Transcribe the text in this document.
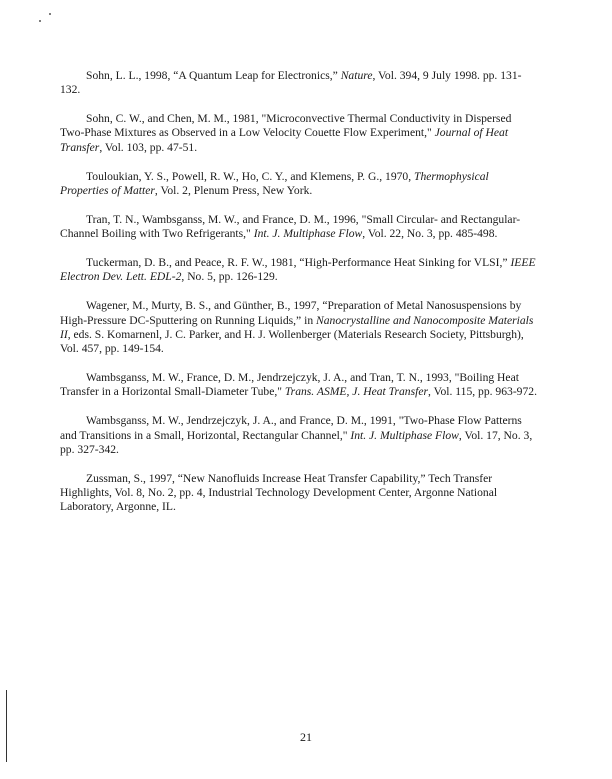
Sohn, L. L., 1998, “A Quantum Leap for Electronics,” Nature, Vol. 394, 9 July 1998. pp. 131-132.

Sohn, C. W., and Chen, M. M., 1981, "Microconvective Thermal Conductivity in Dispersed Two-Phase Mixtures as Observed in a Low Velocity Couette Flow Experiment," Journal of Heat Transfer, Vol. 103, pp. 47-51.

Touloukian, Y. S., Powell, R. W., Ho, C. Y., and Klemens, P. G., 1970, Thermophysical Properties of Matter, Vol. 2, Plenum Press, New York.

Tran, T. N., Wambsganss, M. W., and France, D. M., 1996, "Small Circular- and Rectangular-Channel Boiling with Two Refrigerants," Int. J. Multiphase Flow, Vol. 22, No. 3, pp. 485-498.

Tuckerman, D. B., and Peace, R. F. W., 1981, “High-Performance Heat Sinking for VLSI,” IEEE Electron Dev. Lett. EDL-2, No. 5, pp. 126-129.

Wagener, M., Murty, B. S., and Günther, B., 1997, “Preparation of Metal Nanosuspensions by High-Pressure DC-Sputtering on Running Liquids,” in Nanocrystalline and Nanocomposite Materials II, eds. S. Komarnenl, J. C. Parker, and H. J. Wollenberger (Materials Research Society, Pittsburgh), Vol. 457, pp. 149-154.

Wambsganss, M. W., France, D. M., Jendrzejczyk, J. A., and Tran, T. N., 1993, "Boiling Heat Transfer in a Horizontal Small-Diameter Tube," Trans. ASME, J. Heat Transfer, Vol. 115, pp. 963-972.

Wambsganss, M. W., Jendrzejczyk, J. A., and France, D. M., 1991, "Two-Phase Flow Patterns and Transitions in a Small, Horizontal, Rectangular Channel," Int. J. Multiphase Flow, Vol. 17, No. 3, pp. 327-342.

Zussman, S., 1997, “New Nanofluids Increase Heat Transfer Capability,” Tech Transfer Highlights, Vol. 8, No. 2, pp. 4, Industrial Technology Development Center, Argonne National Laboratory, Argonne, IL.

21
